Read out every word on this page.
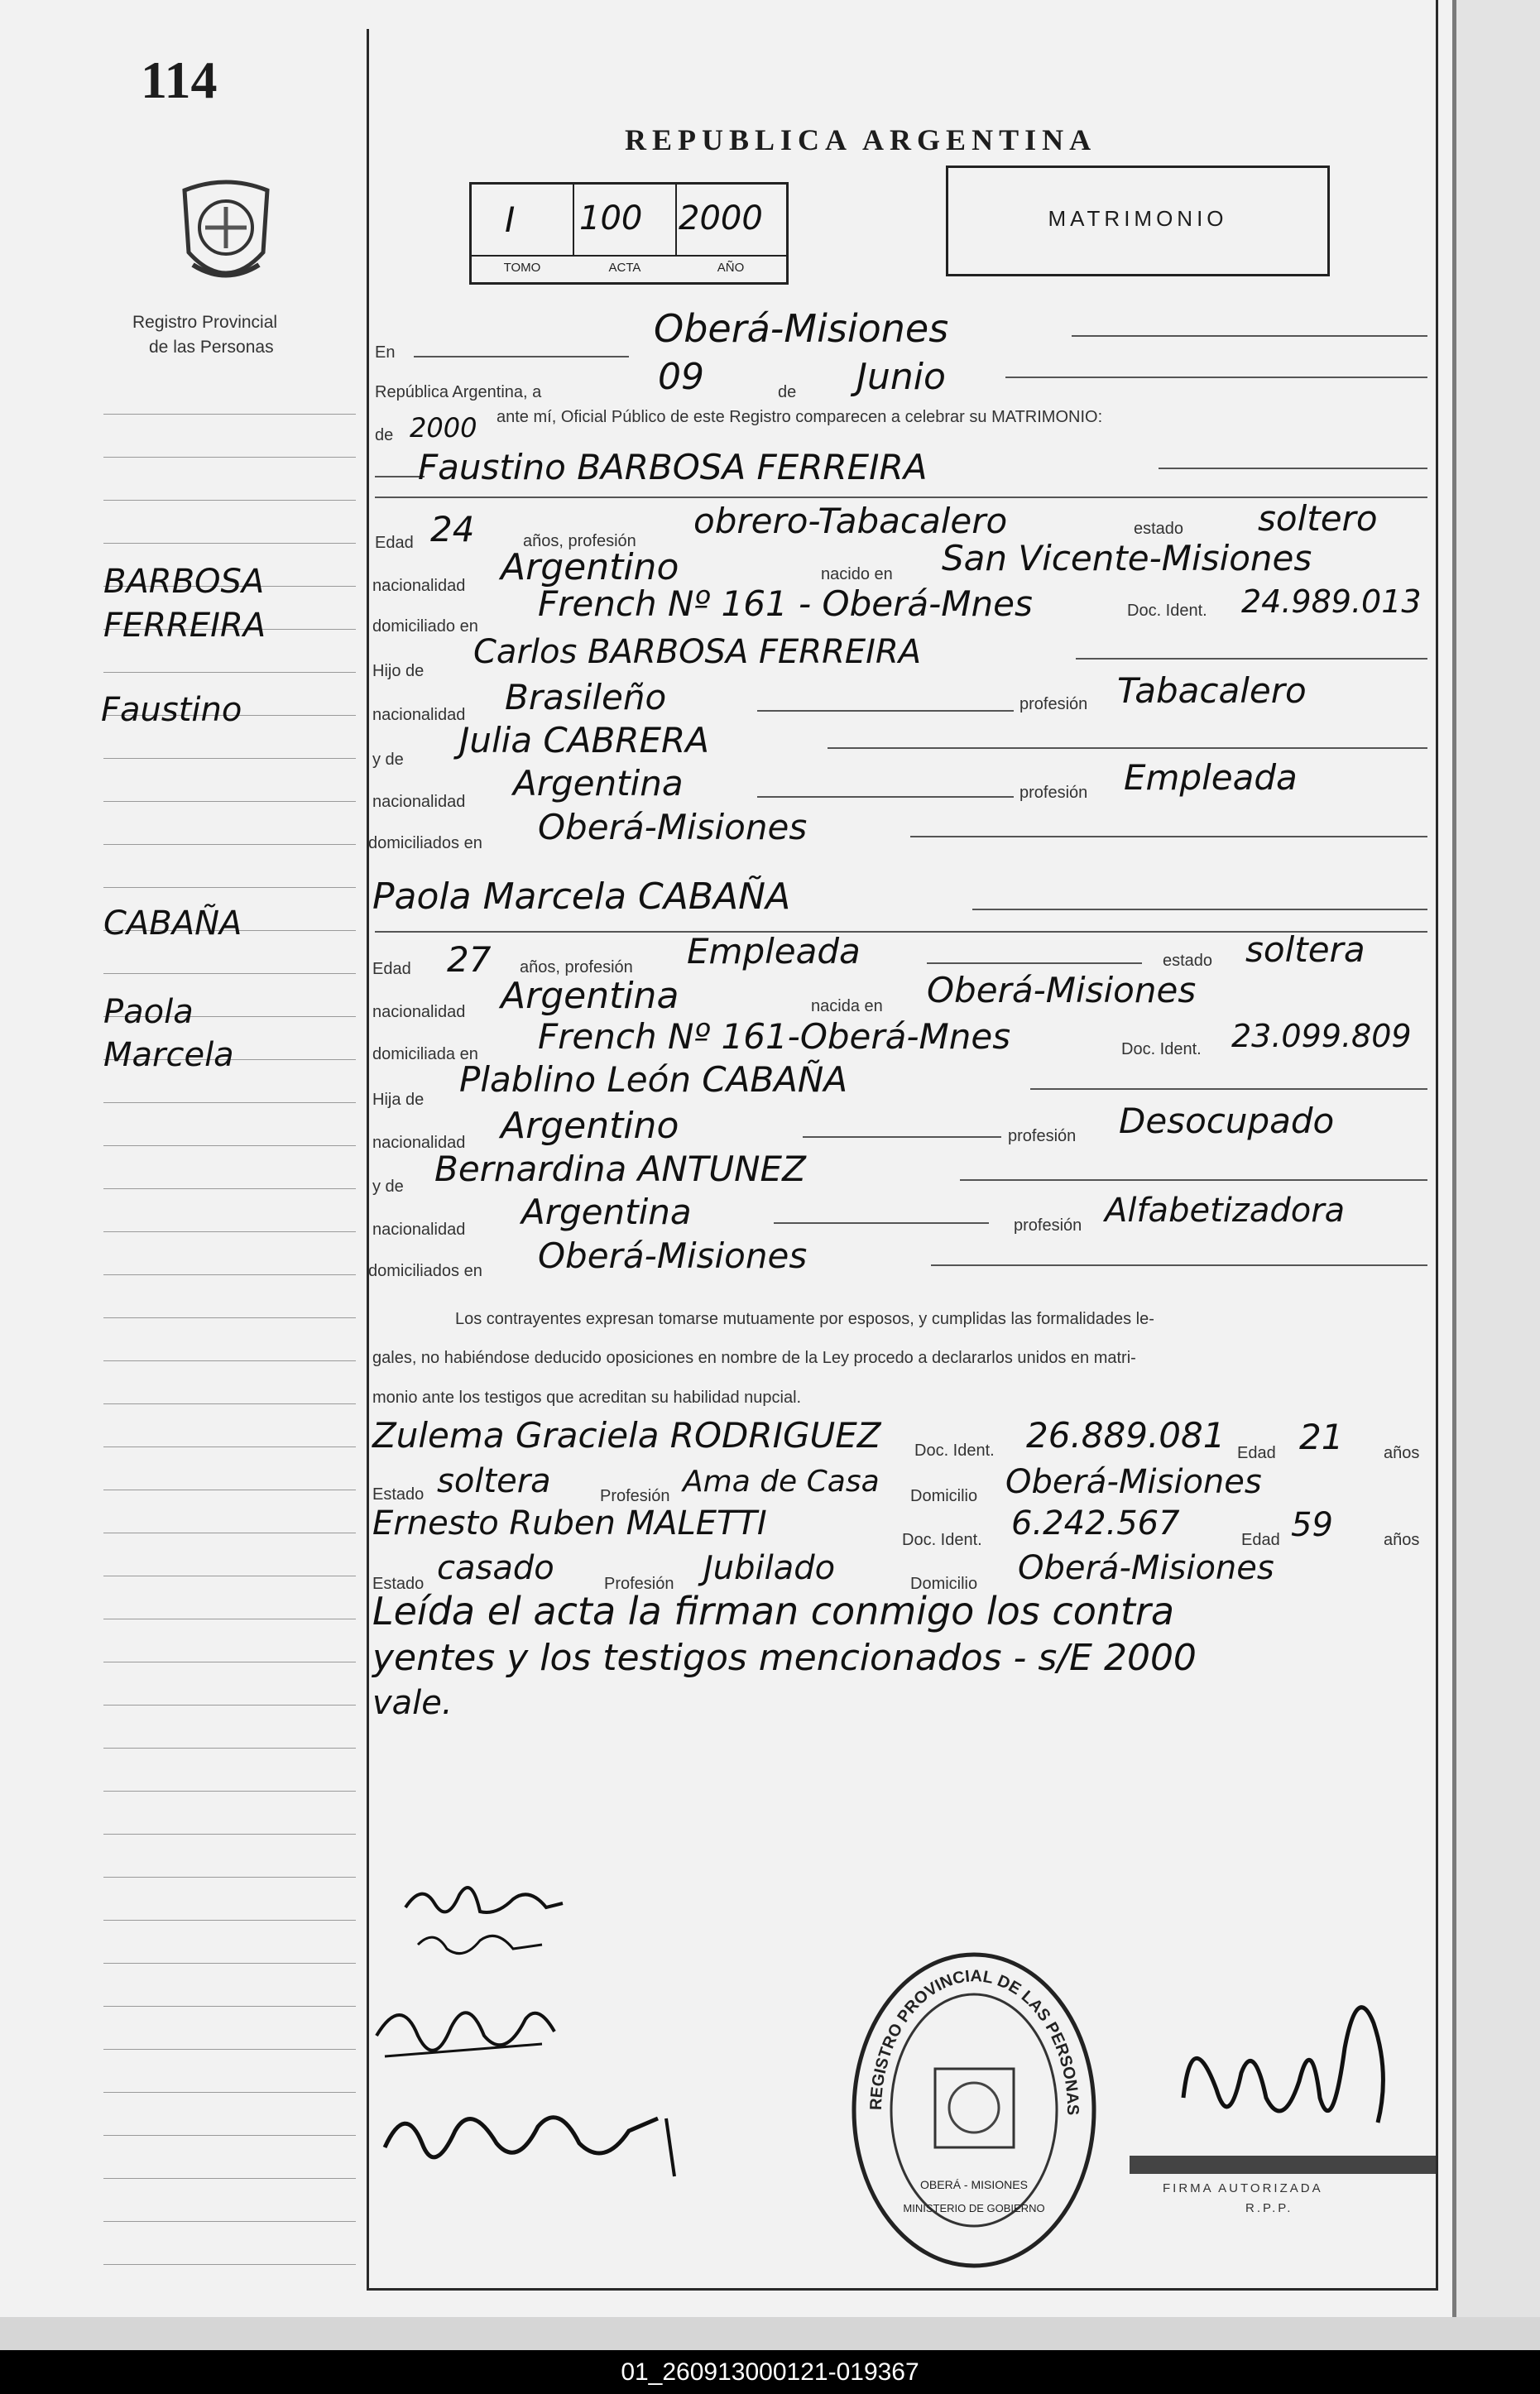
114
Registro Provincial
de las Personas
REPUBLICA ARGENTINA
I 100 2000
TOMO	ACTA	AÑO
MATRIMONIO
BARBOSA
FERREIRA
Faustino
CABAÑA
Paola
Marcela
En
Oberá-Misiones
República Argentina, a	09	de Junio
de 2000 ante mí, Oficial Público de este Registro comparecen a celebrar su MATRIMONIO:
Faustino BARBOSA FERREIRA
Edad 24	años, profesión obrero-Tabacalero	estado soltero
nacionalidad Argentino	nacido en San Vicente-Misiones
domiciliado en
French Nº 161 - Oberá-Mnes	Doc. Ident. 24.989.013
Hijo de Carlos BARBOSA FERREIRA
nacionalidad Brasileño	profesión Tabacalero
y de Julia CABRERA
nacionalidad Argentina	profesión Empleada
domiciliados en Oberá-Misiones
Paola Marcela CABAÑA
Edad 27 años, profesión Empleada	estado soltera
nacionalidad Argentina	nacida en Oberá-Misiones
domiciliada en French Nº 161-Oberá-Mnes	Doc. Ident. 23.099.809
Hija de Plablino León CABAÑA
nacionalidad Argentino	profesión Desocupado
y de Bernardina ANTUNEZ
nacionalidad Argentina	profesión Alfabetizadora
domiciliados en Oberá-Misiones
Los contrayentes expresan tomarse mutuamente por esposos, y cumplidas las formalidades le-
gales, no habiéndose deducido oposiciones en nombre de la Ley procedo a declararlos unidos en matri-
monio ante los testigos que acreditan su habilidad nupcial.
Zulema Graciela RODRIGUEZ Doc. Ident. 26.889.081 Edad 21 años
Estado soltera	Profesión Ama de Casa Domicilio Oberá-Misiones
Ernesto Ruben MALETTI	Doc. Ident. 6.242.567	Edad 59	años
Estado casado	Profesión Jubilado	Domicilio Oberá-Misiones
Leída el acta la firman conmigo los contra
yentes y los testigos mencionados - s/E 2000
vale.
REGISTRO PROVINCIAL DE LAS PERSONAS
OBERÁ - MISIONES
MINISTERIO DE GOBIERNO
FIRMA AUTORIZADA
R.P.P.
01_260913000121-019367
